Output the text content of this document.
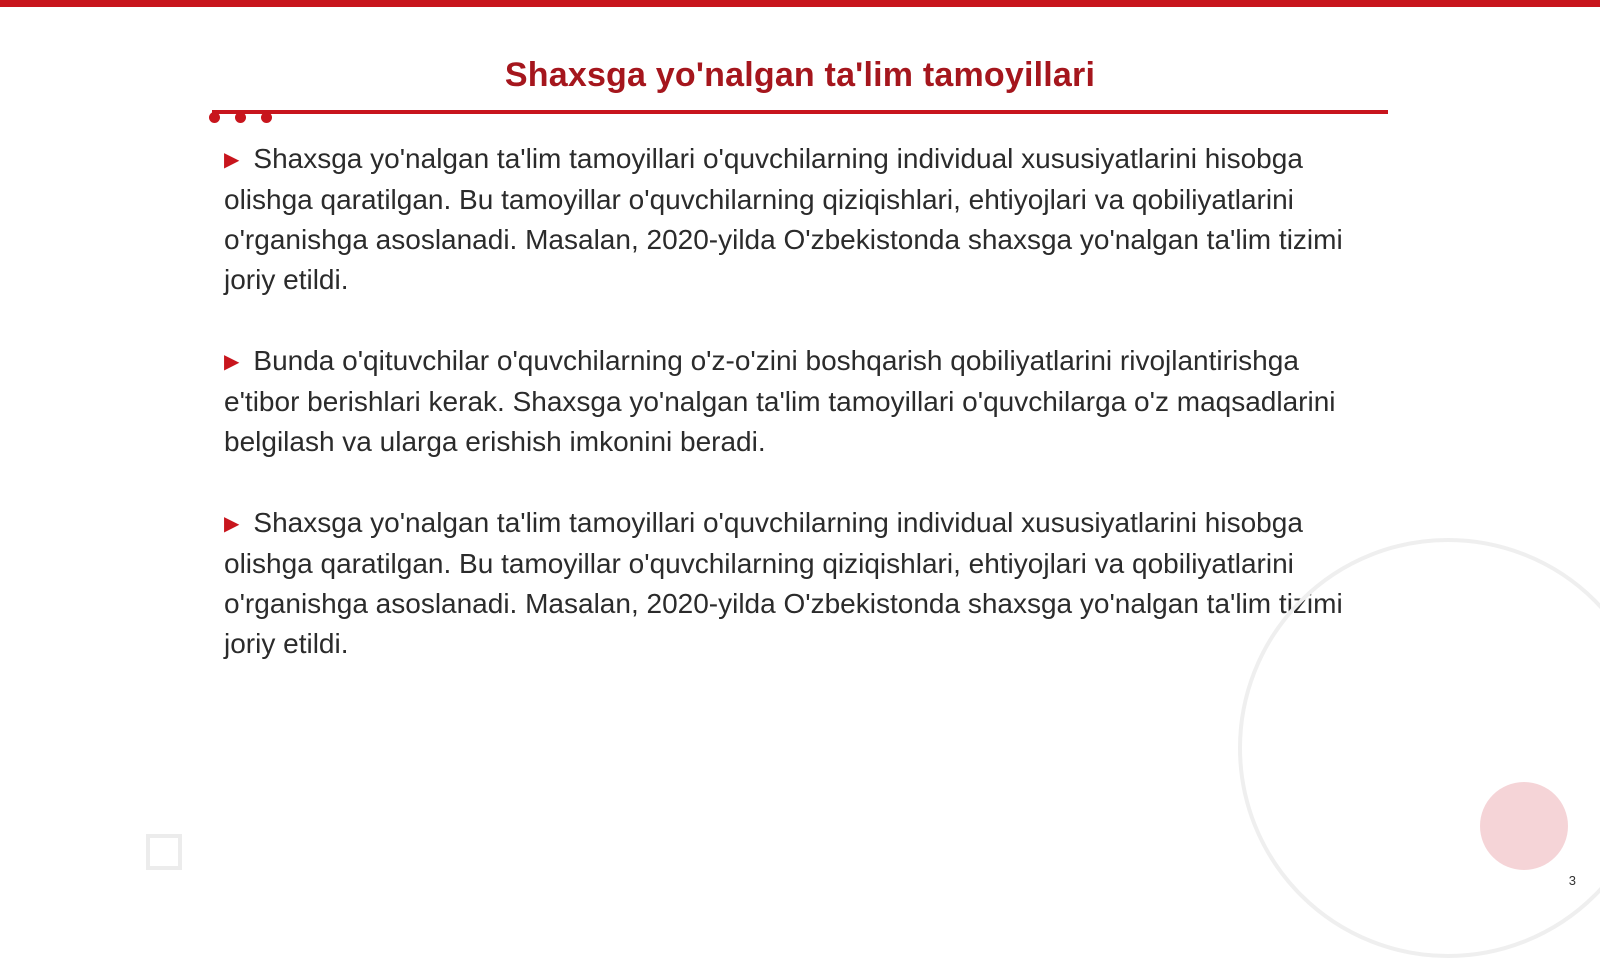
Shaxsga yo'nalgan ta'lim tamoyillari

▶ Shaxsga yo'nalgan ta'lim tamoyillari o'quvchilarning individual xususiyatlarini hisobga olishga qaratilgan. Bu tamoyillar o'quvchilarning qiziqishlari, ehtiyojlari va qobiliyatlarini o'rganishga asoslanadi. Masalan, 2020-yilda O'zbekistonda shaxsga yo'nalgan ta'lim tizimi joriy etildi.

▶ Bunda o'qituvchilar o'quvchilarning o'z-o'zini boshqarish qobiliyatlarini rivojlantirishga e'tibor berishlari kerak. Shaxsga yo'nalgan ta'lim tamoyillari o'quvchilarga o'z maqsadlarini belgilash va ularga erishish imkonini beradi.

▶ Shaxsga yo'nalgan ta'lim tamoyillari o'quvchilarning individual xususiyatlarini hisobga olishga qaratilgan. Bu tamoyillar o'quvchilarning qiziqishlari, ehtiyojlari va qobiliyatlarini o'rganishga asoslanadi. Masalan, 2020-yilda O'zbekistonda shaxsga yo'nalgan ta'lim tizimi joriy etildi.

3
